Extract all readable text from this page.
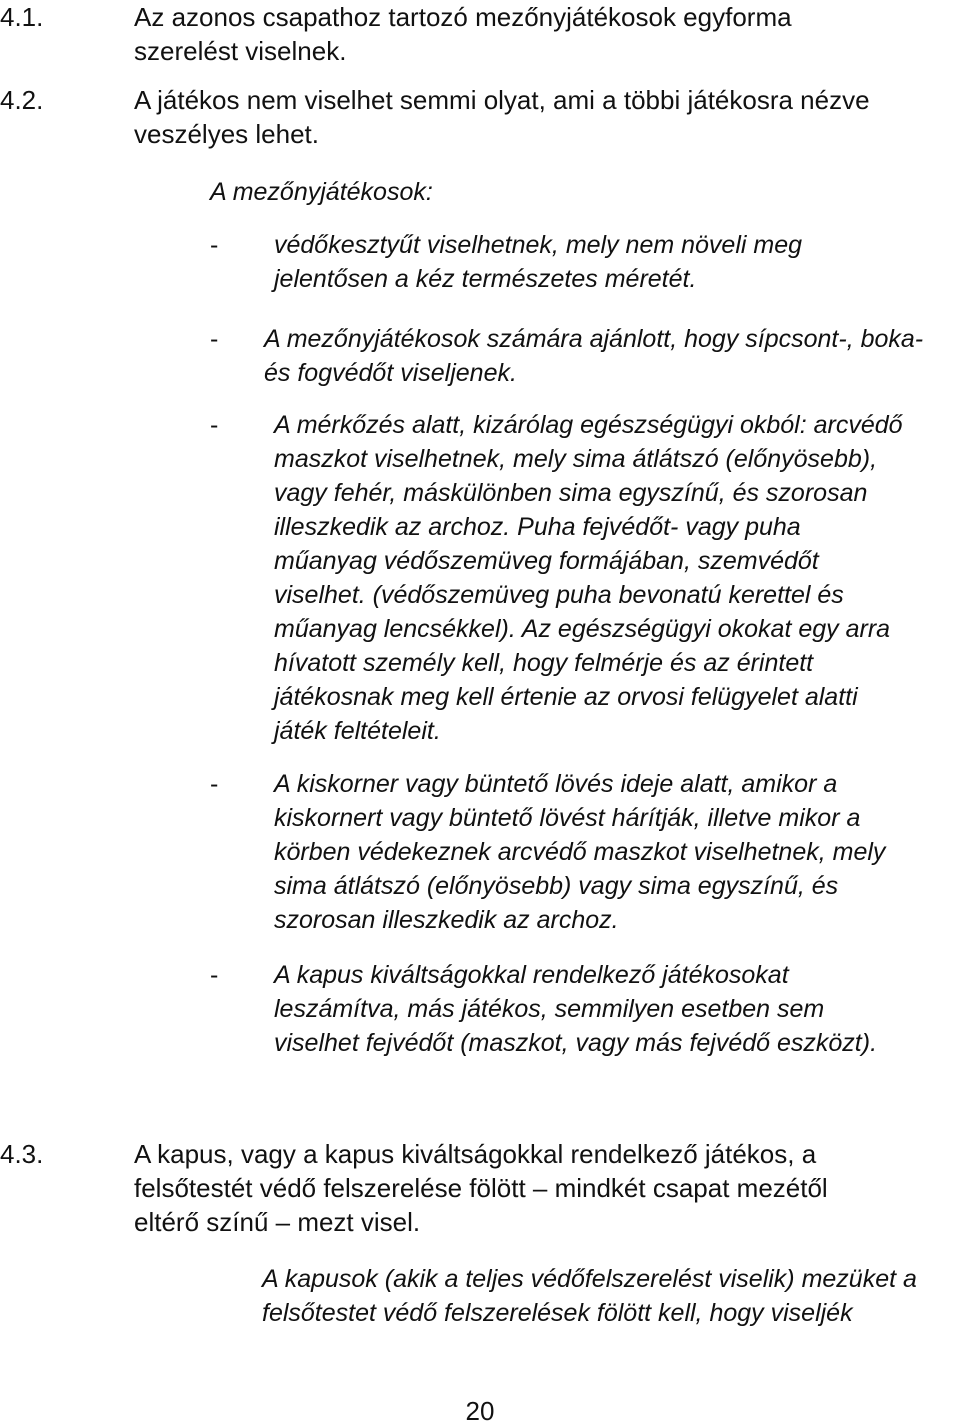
4.1.	Az azonos csapathoz tartozó mezőnyjátékosok egyforma szerelést viselnek.
4.2.	A játékos nem viselhet semmi olyat, ami a többi játékosra nézve veszélyes lehet.
A mezőnyjátékosok:
- védőkesztyűt viselhetnek, mely nem növeli meg jelentősen a kéz természetes méretét.
- A mezőnyjátékosok számára ajánlott, hogy sípcsont-, boka- és fogvédőt viseljenek.
- A mérkőzés alatt, kizárólag egészségügyi okból: arcvédő maszkot viselhetnek, mely sima átlátszó (előnyösebb), vagy fehér, máskülönben sima egyszínű, és szorosan illeszkedik az archoz. Puha fejvédőt- vagy puha műanyag védőszemüveg formájában, szemvédőt viselhet. (védőszemüveg puha bevonatú kerettel és műanyag lencsékkel). Az egészségügyi okokat egy arra hívatott személy kell, hogy felmérje és az érintett játékosnak meg kell értenie az orvosi felügyelet alatti játék feltételeit.
- A kiskorner vagy büntető lövés ideje alatt, amikor a kiskornert vagy büntető lövést hárítják, illetve mikor a körben védekeznek arcvédő maszkot viselhetnek, mely sima átlátszó (előnyösebb) vagy sima egyszínű, és szorosan illeszkedik az archoz.
- A kapus kiváltságokkal rendelkező játékosokat leszámítva, más játékos, semmilyen esetben sem viselhet fejvédőt (maszkot, vagy más fejvédő eszközt).
4.3.	A kapus, vagy a kapus kiváltságokkal rendelkező játékos, a felsőtestét védő felszerelése fölött – mindkét csapat mezétől eltérő színű – mezt visel.
A kapusok (akik a teljes védőfelszerelést viselik) mezüket a felsőtestet védő felszerelések fölött kell, hogy viseljék
20
